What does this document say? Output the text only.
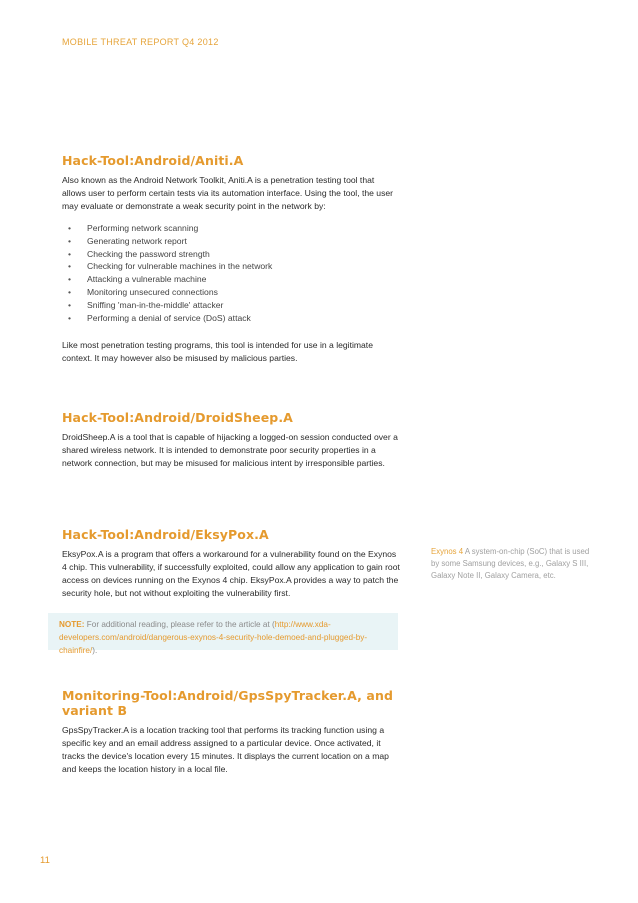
MOBILE THREAT REPORT Q4 2012
Hack-Tool:Android/Aniti.A

Also known as the Android Network Toolkit, Aniti.A is a penetration testing tool that allows user to perform certain tests via its automation interface. Using the tool, the user may evaluate or demonstrate a weak security point in the network by:

• Performing network scanning
• Generating network report
• Checking the password strength
• Checking for vulnerable machines in the network
• Attacking a vulnerable machine
• Monitoring unsecured connections
• Sniffing 'man-in-the-middle' attacker
• Performing a denial of service (DoS) attack

Like most penetration testing programs, this tool is intended for use in a legitimate context. It may however also be misused by malicious parties.

Hack-Tool:Android/DroidSheep.A

DroidSheep.A is a tool that is capable of hijacking a logged-on session conducted over a shared wireless network. It is intended to demonstrate poor security properties in a network connection, but may be misused for malicious intent by irresponsible parties.

Hack-Tool:Android/EksyPox.A

EksyPox.A is a program that offers a workaround for a vulnerability found on the Exynos 4 chip. This vulnerability, if successfully exploited, could allow any application to gain root access on devices running on the Exynos 4 chip. EksyPox.A provides a way to patch the security hole, but not without exploiting the vulnerability first.

NOTE: For additional reading, please refer to the article at (http://www.xda-developers.com/android/dangerous-exynos-4-security-hole-demoed-and-plugged-by-chainfire/).
Exynos 4 A system-on-chip (SoC) that is used by some Samsung devices, e.g., Galaxy S III, Galaxy Note II, Galaxy Camera, etc.
Monitoring-Tool:Android/GpsSpyTracker.A, and variant B

GpsSpyTracker.A is a location tracking tool that performs its tracking function using a specific key and an email address assigned to a particular device. Once activated, it tracks the device's location every 15 minutes. It displays the current location on a map and keeps the location history in a local file.

11
